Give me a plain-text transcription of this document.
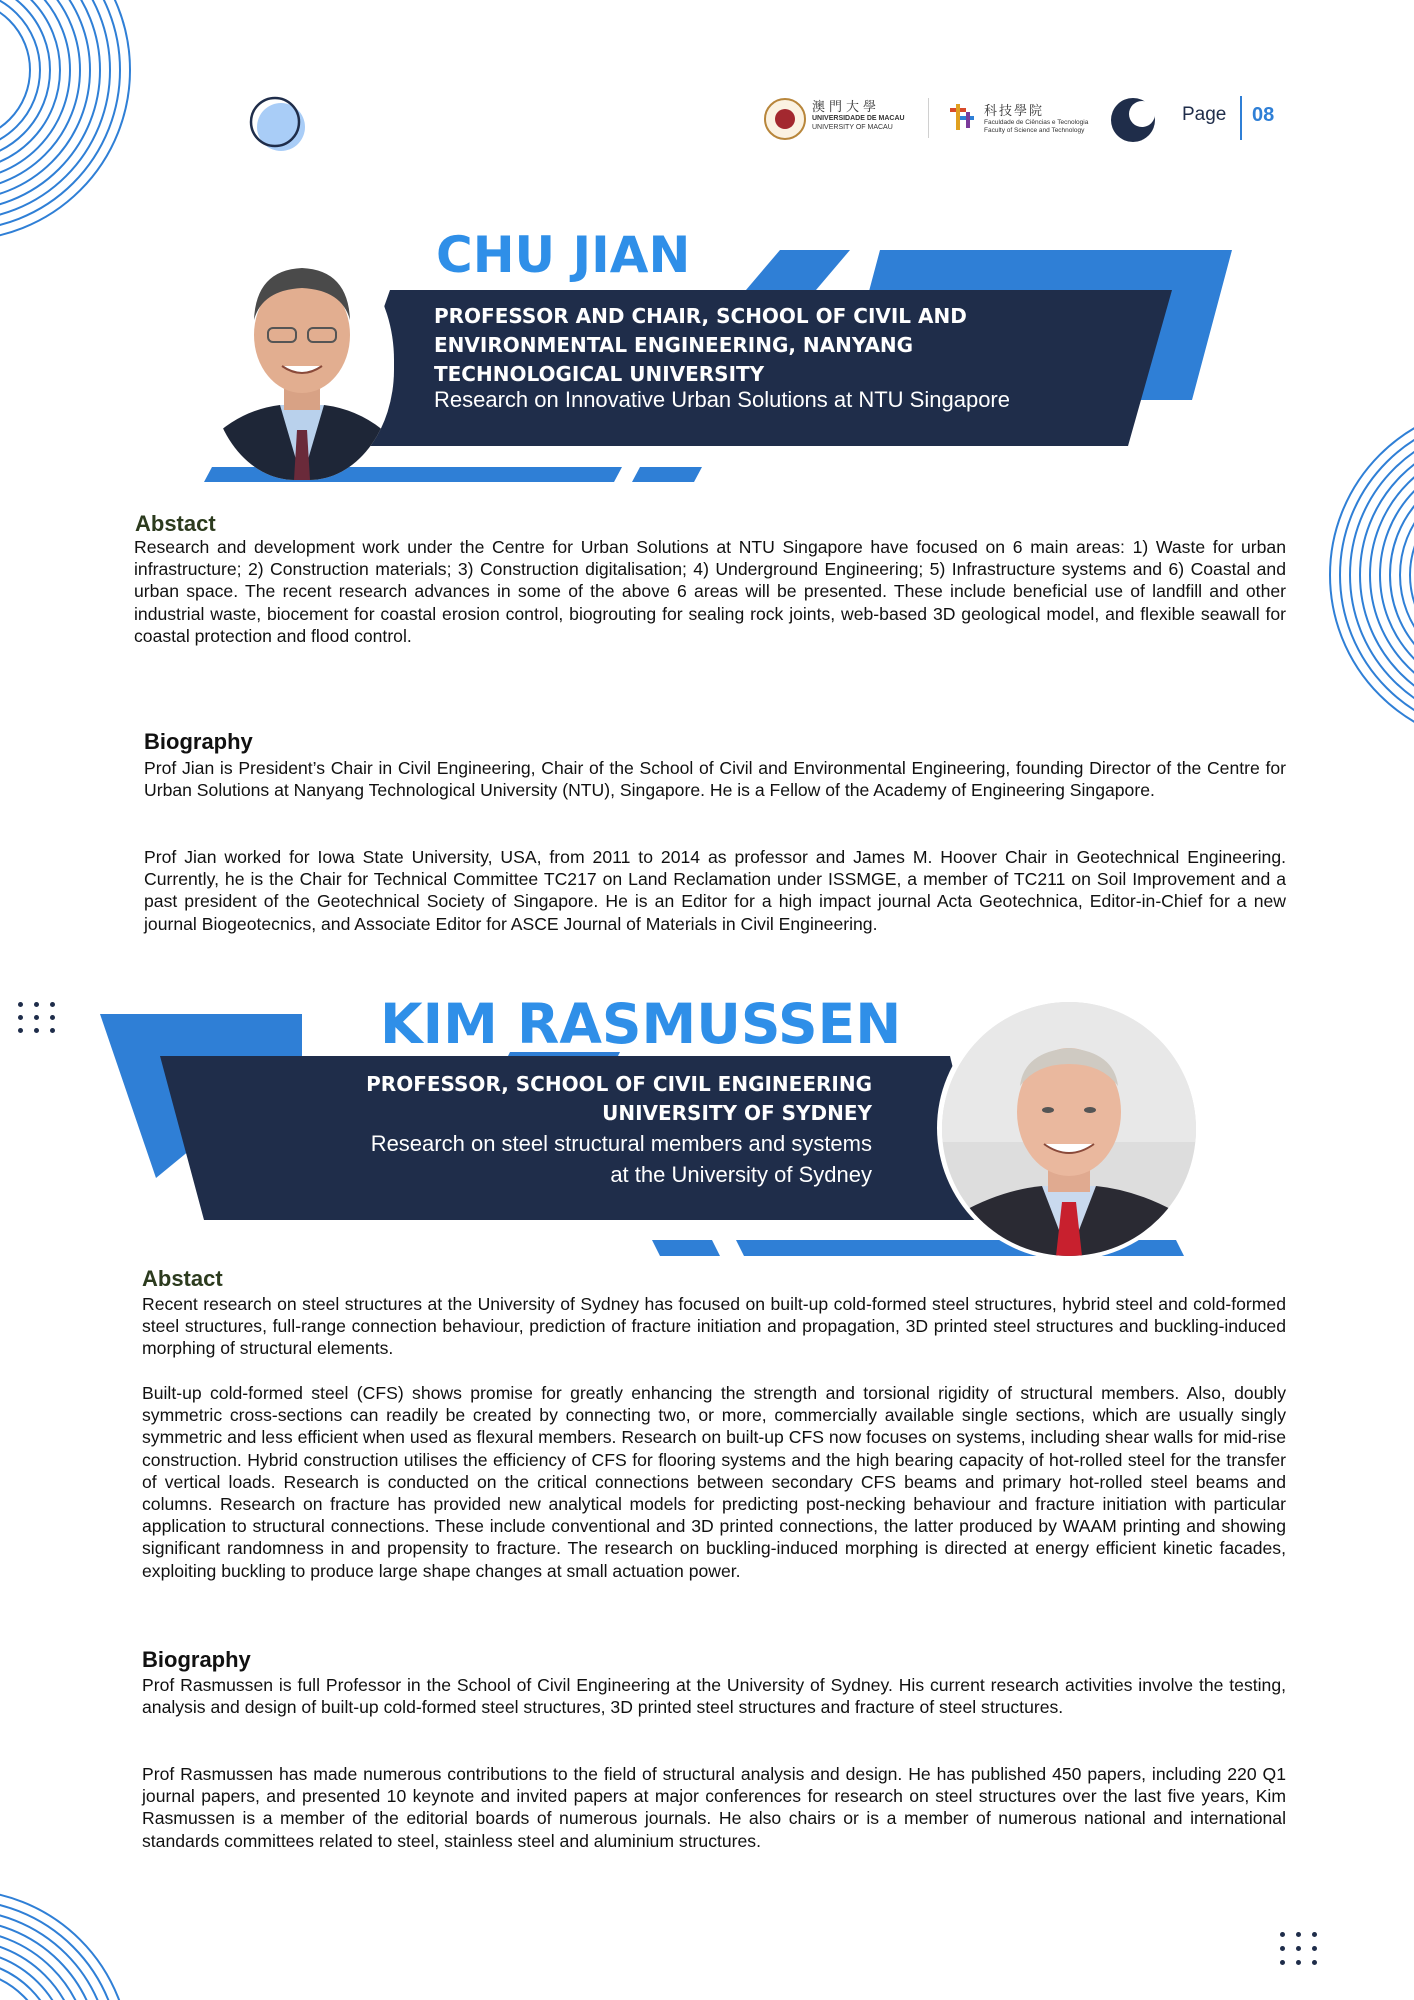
澳門大學
UNIVERSIDADE DE MACAU
UNIVERSITY OF MACAU
科技學院
Faculdade de Ciências e Tecnologia
Faculty of Science and Technology
Page 08
CHU JIAN
PROFESSOR AND CHAIR, SCHOOL OF CIVIL AND
ENVIRONMENTAL ENGINEERING, NANYANG
TECHNOLOGICAL UNIVERSITY
Research on Innovative Urban Solutions at NTU Singapore
Abstact
Research and development work under the Centre for Urban Solutions at NTU Singapore have focused on 6 main areas: 1) Waste for urban infrastructure; 2) Construction materials; 3) Construction digitalisation; 4) Underground Engineering; 5) Infrastructure systems and 6) Coastal and urban space. The recent research advances in some of the above 6 areas will be presented. These include beneficial use of landfill and other industrial waste, biocement for coastal erosion control, biogrouting for sealing rock joints, web-based 3D geological model, and flexible seawall for coastal protection and flood control.
Biography
Prof Jian is President’s Chair in Civil Engineering, Chair of the School of Civil and Environmental Engineering, founding Director of the Centre for Urban Solutions at Nanyang Technological University (NTU), Singapore. He is a Fellow of the Academy of Engineering Singapore.
Prof Jian worked for Iowa State University, USA, from 2011 to 2014 as professor and James M. Hoover Chair in Geotechnical Engineering. Currently, he is the Chair for Technical Committee TC217 on Land Reclamation under ISSMGE, a member of TC211 on Soil Improvement and a past president of the Geotechnical Society of Singapore. He is an Editor for a high impact journal Acta Geotechnica, Editor-in-Chief for a new journal Biogeotecnics, and Associate Editor for ASCE Journal of Materials in Civil Engineering.
KIM RASMUSSEN
PROFESSOR, SCHOOL OF CIVIL ENGINEERING
UNIVERSITY OF SYDNEY
Research on steel structural members and systems
at the University of Sydney
Abstact
Recent research on steel structures at the University of Sydney has focused on built-up cold-formed steel structures, hybrid steel and cold-formed steel structures, full-range connection behaviour, prediction of fracture initiation and propagation, 3D printed steel structures and buckling-induced morphing of structural elements.
Built-up cold-formed steel (CFS) shows promise for greatly enhancing the strength and torsional rigidity of structural members. Also, doubly symmetric cross-sections can readily be created by connecting two, or more, commercially available single sections, which are usually singly symmetric and less efficient when used as flexural members. Research on built-up CFS now focuses on systems, including shear walls for mid-rise construction. Hybrid construction utilises the efficiency of CFS for flooring systems and the high bearing capacity of hot-rolled steel for the transfer of vertical loads. Research is conducted on the critical connections between secondary CFS beams and primary hot-rolled steel beams and columns. Research on fracture has provided new analytical models for predicting post-necking behaviour and fracture initiation with particular application to structural connections. These include conventional and 3D printed connections, the latter produced by WAAM printing and showing significant randomness in and propensity to fracture. The research on buckling-induced morphing is directed at energy efficient kinetic facades, exploiting buckling to produce large shape changes at small actuation power.
Biography
Prof Rasmussen is full Professor in the School of Civil Engineering at the University of Sydney. His current research activities involve the testing, analysis and design of built-up cold-formed steel structures, 3D printed steel structures and fracture of steel structures.
Prof Rasmussen has made numerous contributions to the field of structural analysis and design. He has published 450 papers, including 220 Q1 journal papers, and presented 10 keynote and invited papers at major conferences for research on steel structures over the last five years, Kim Rasmussen is a member of the editorial boards of numerous journals. He also chairs or is a member of numerous national and international standards committees related to steel, stainless steel and aluminium structures.
